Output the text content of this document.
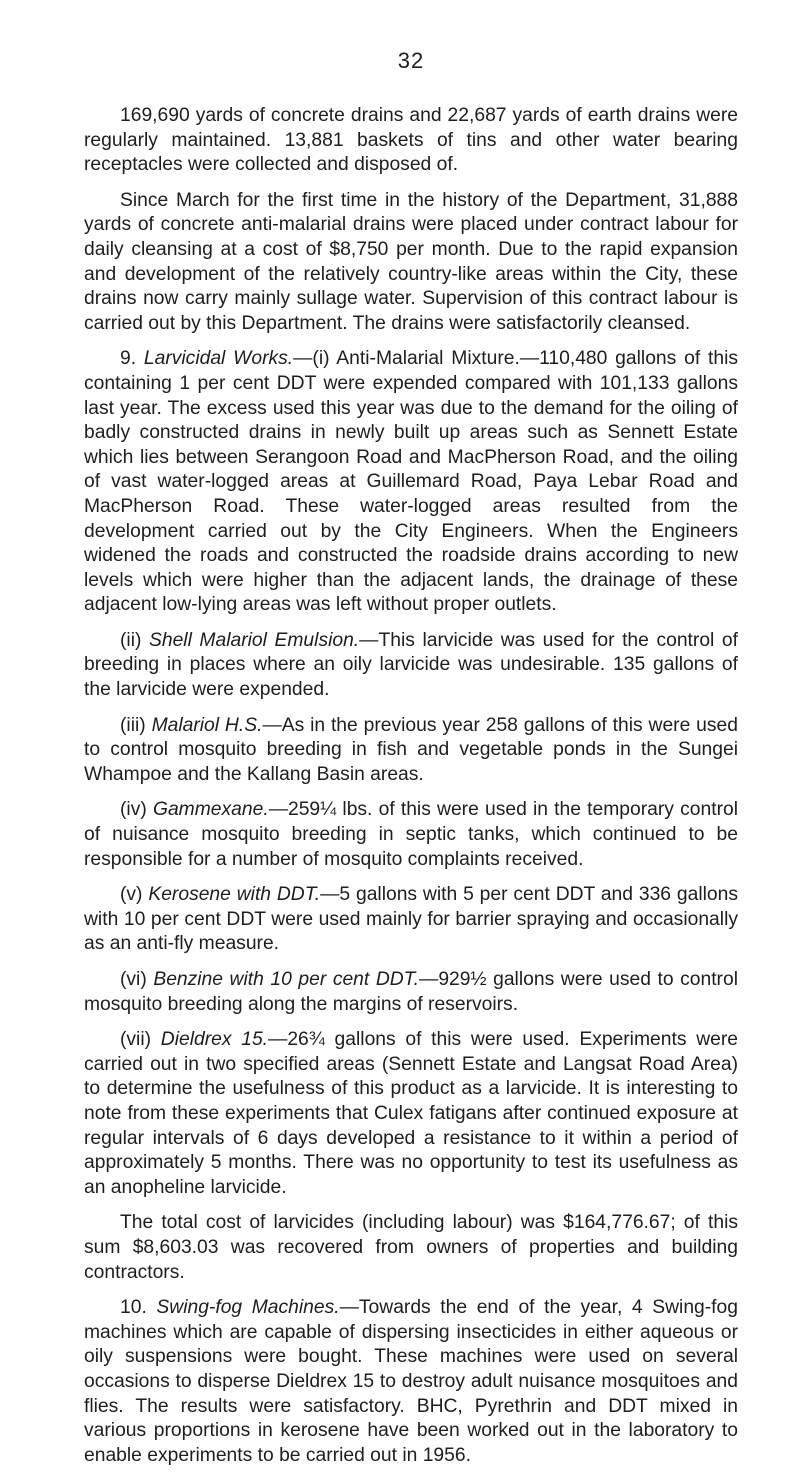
32

169,690 yards of concrete drains and 22,687 yards of earth drains were regularly maintained. 13,881 baskets of tins and other water bearing receptacles were collected and disposed of.

Since March for the first time in the history of the Department, 31,888 yards of concrete anti-malarial drains were placed under contract labour for daily cleansing at a cost of $8,750 per month. Due to the rapid expansion and development of the relatively country-like areas within the City, these drains now carry mainly sullage water. Supervision of this contract labour is carried out by this Department. The drains were satisfactorily cleansed.

9. Larvicidal Works.—(i) Anti-Malarial Mixture.—110,480 gallons of this containing 1 per cent DDT were expended compared with 101,133 gallons last year. The excess used this year was due to the demand for the oiling of badly constructed drains in newly built up areas such as Sennett Estate which lies between Serangoon Road and MacPherson Road, and the oiling of vast water-logged areas at Guillemard Road, Paya Lebar Road and MacPherson Road. These water-logged areas resulted from the development carried out by the City Engineers. When the Engineers widened the roads and constructed the roadside drains according to new levels which were higher than the adjacent lands, the drainage of these adjacent low-lying areas was left without proper outlets.

(ii) Shell Malariol Emulsion.—This larvicide was used for the control of breeding in places where an oily larvicide was undesirable. 135 gallons of the larvicide were expended.

(iii) Malariol H.S.—As in the previous year 258 gallons of this were used to control mosquito breeding in fish and vegetable ponds in the Sungei Whampoe and the Kallang Basin areas.

(iv) Gammexane.—259¼ lbs. of this were used in the temporary control of nuisance mosquito breeding in septic tanks, which continued to be responsible for a number of mosquito complaints received.

(v) Kerosene with DDT.—5 gallons with 5 per cent DDT and 336 gallons with 10 per cent DDT were used mainly for barrier spraying and occasionally as an anti-fly measure.

(vi) Benzine with 10 per cent DDT.—929½ gallons were used to control mosquito breeding along the margins of reservoirs.

(vii) Dieldrex 15.—26¾ gallons of this were used. Experiments were carried out in two specified areas (Sennett Estate and Langsat Road Area) to determine the usefulness of this product as a larvicide. It is interesting to note from these experiments that Culex fatigans after continued exposure at regular intervals of 6 days developed a resistance to it within a period of approximately 5 months. There was no opportunity to test its usefulness as an anopheline larvicide.

The total cost of larvicides (including labour) was $164,776.67; of this sum $8,603.03 was recovered from owners of properties and building contractors.

10. Swing-fog Machines.—Towards the end of the year, 4 Swing-fog machines which are capable of dispersing insecticides in either aqueous or oily suspensions were bought. These machines were used on several occasions to disperse Dieldrex 15 to destroy adult nuisance mosquitoes and flies. The results were satisfactory. BHC, Pyrethrin and DDT mixed in various proportions in kerosene have been worked out in the laboratory to enable experiments to be carried out in 1956.
